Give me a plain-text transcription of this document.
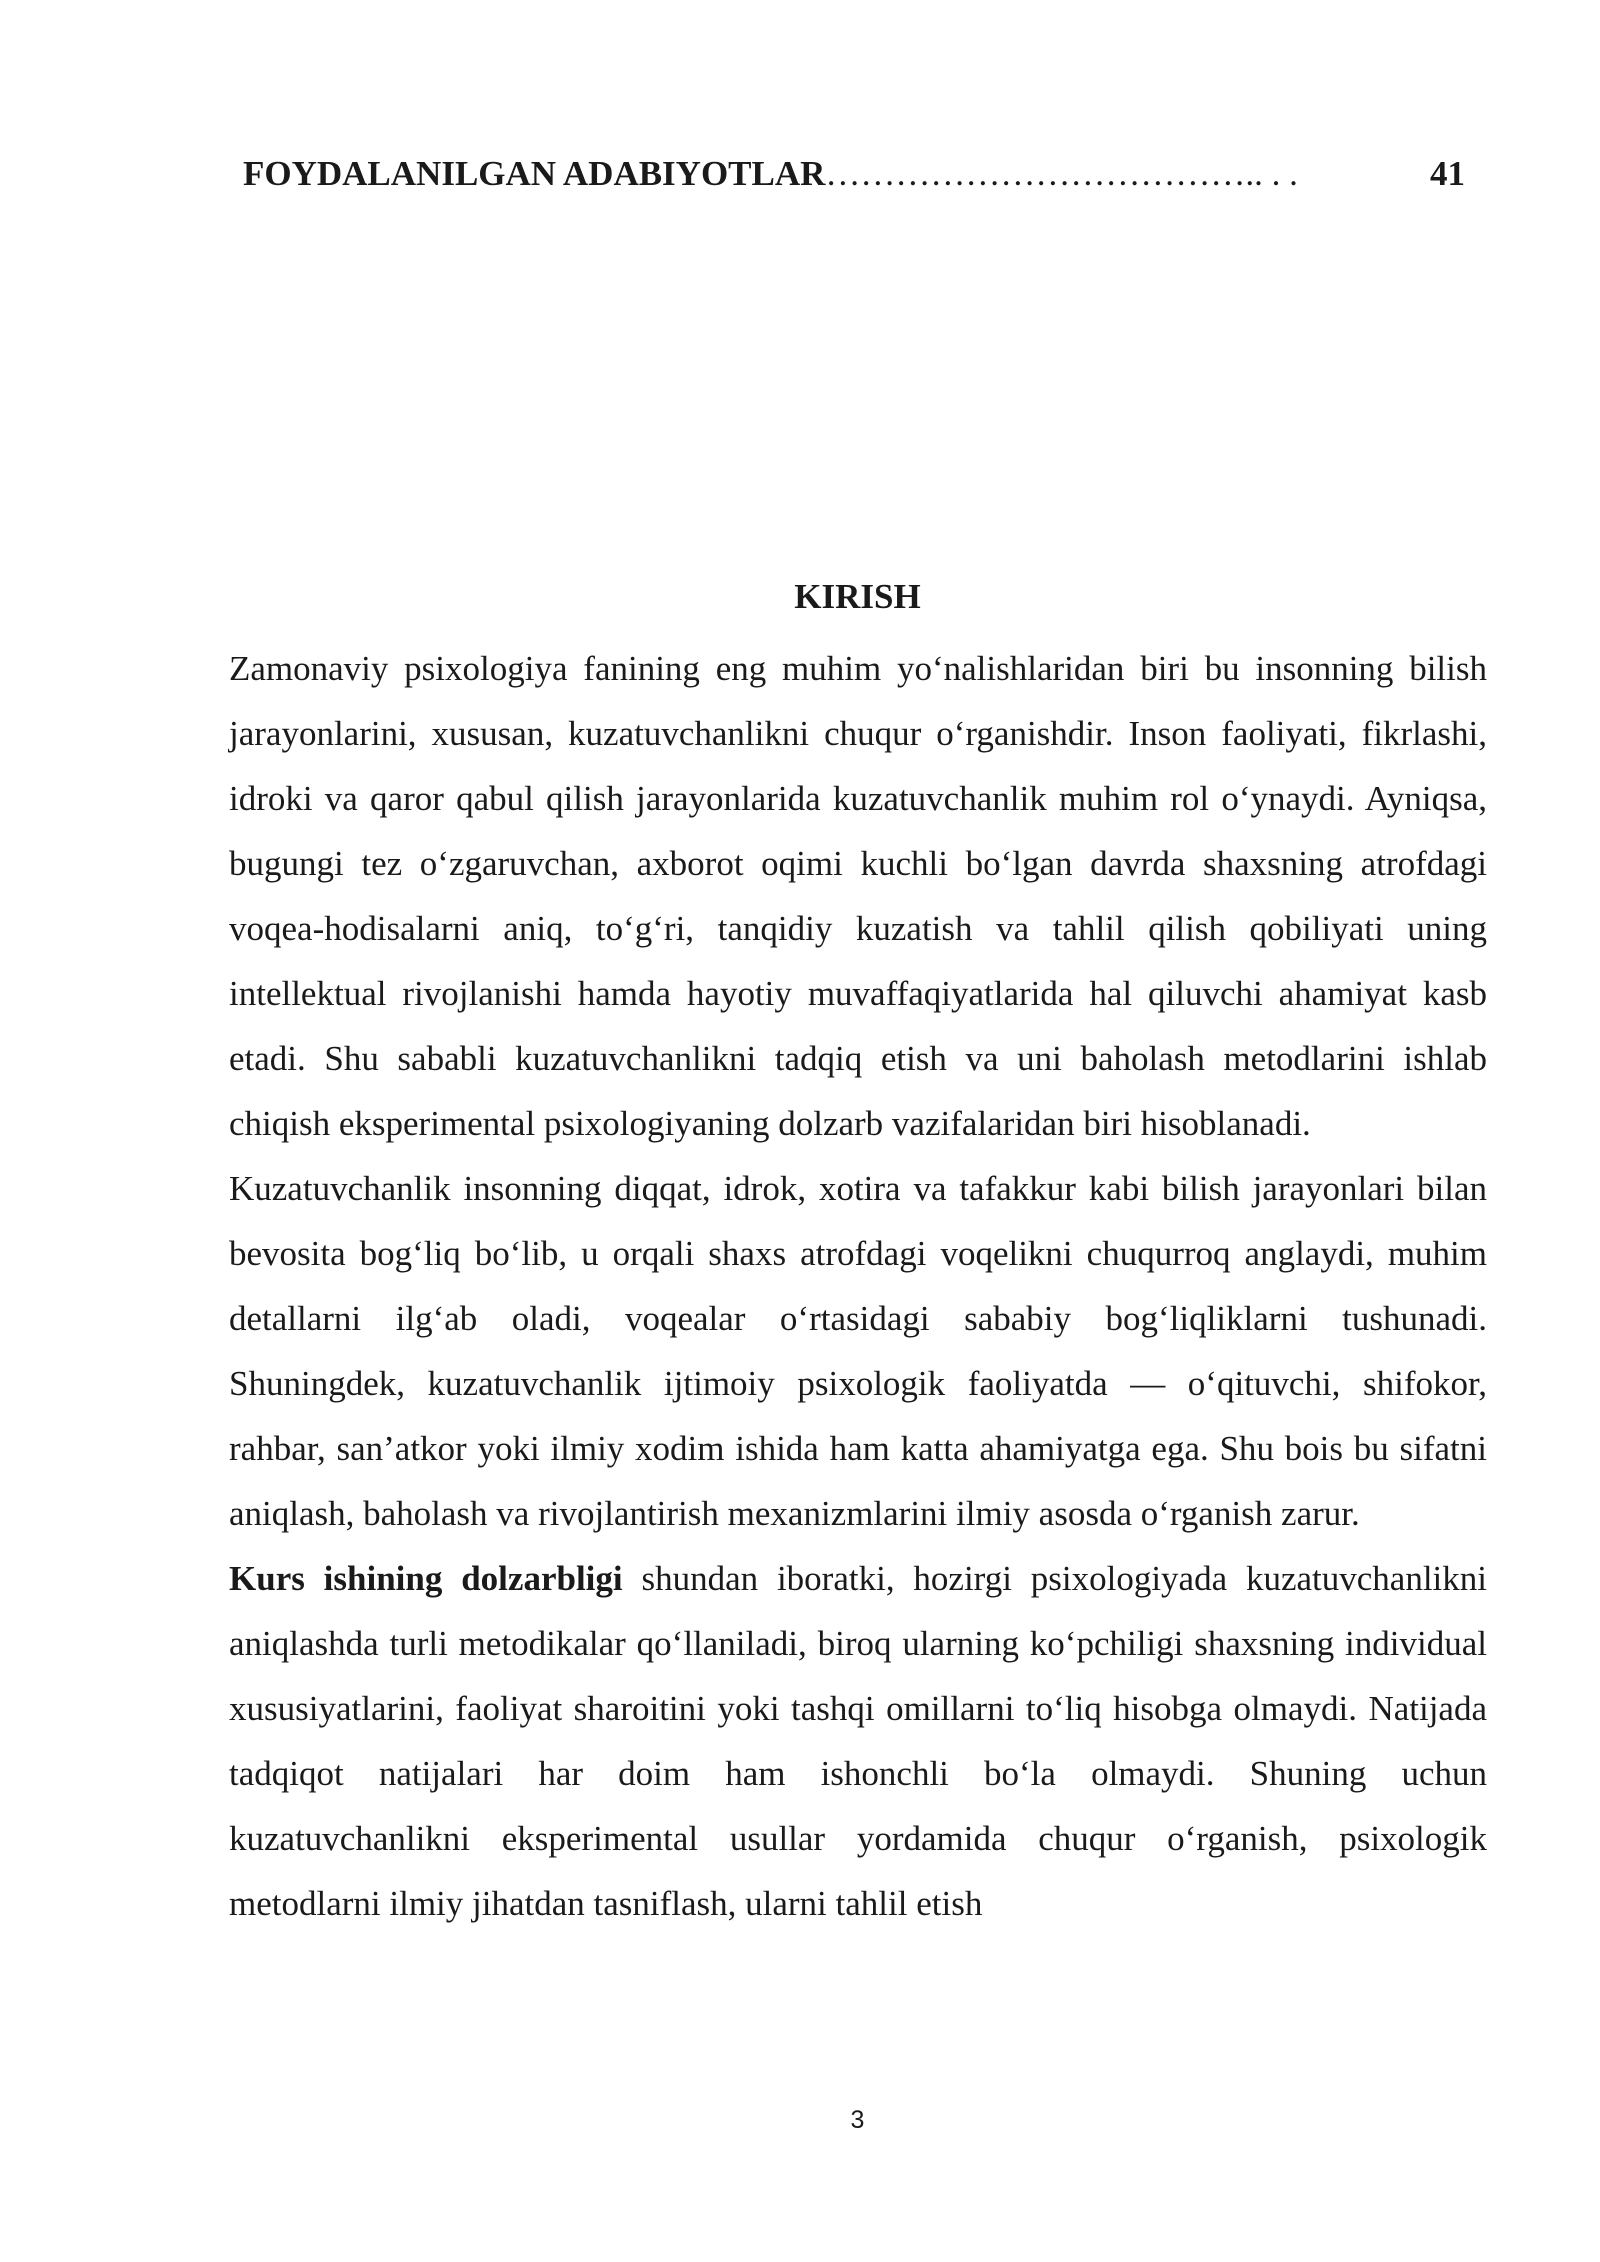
FOYDALANILGAN ADABIYOTLAR……………………………….. . .	41
KIRISH

Zamonaviy psixologiya fanining eng muhim yo‘nalishlaridan biri bu insonning bilish jarayonlarini, xususan, kuzatuvchanlikni chuqur o‘rganishdir. Inson faoliyati, fikrlashi, idroki va qaror qabul qilish jarayonlarida kuzatuvchanlik muhim rol o‘ynaydi. Ayniqsa, bugungi tez o‘zgaruvchan, axborot oqimi kuchli bo‘lgan davrda shaxsning atrofdagi voqea-hodisalarni aniq, to‘g‘ri, tanqidiy kuzatish va tahlil qilish qobiliyati uning intellektual rivojlanishi hamda hayotiy muvaffaqiyatlarida hal qiluvchi ahamiyat kasb etadi. Shu sababli kuzatuvchanlikni tadqiq etish va uni baholash metodlarini ishlab chiqish eksperimental psixologiyaning dolzarb vazifalaridan biri hisoblanadi.

Kuzatuvchanlik insonning diqqat, idrok, xotira va tafakkur kabi bilish jarayonlari bilan bevosita bog‘liq bo‘lib, u orqali shaxs atrofdagi voqelikni chuqurroq anglaydi, muhim detallarni ilg‘ab oladi, voqealar o‘rtasidagi sababiy bog‘liqliklarni tushunadi. Shuningdek, kuzatuvchanlik ijtimoiy psixologik faoliyatda — o‘qituvchi, shifokor, rahbar, san’atkor yoki ilmiy xodim ishida ham katta ahamiyatga ega. Shu bois bu sifatni aniqlash, baholash va rivojlantirish mexanizmlarini ilmiy asosda o‘rganish zarur.

Kurs ishining dolzarbligi shundan iboratki, hozirgi psixologiyada kuzatuvchanlikni aniqlashda turli metodikalar qo‘llaniladi, biroq ularning ko‘pchiligi shaxsning individual xususiyatlarini, faoliyat sharoitini yoki tashqi omillarni to‘liq hisobga olmaydi. Natijada tadqiqot natijalari har doim ham ishonchli bo‘la olmaydi. Shuning uchun kuzatuvchanlikni eksperimental usullar yordamida chuqur o‘rganish, psixologik metodlarni ilmiy jihatdan tasniflash, ularni tahlil etish

3
